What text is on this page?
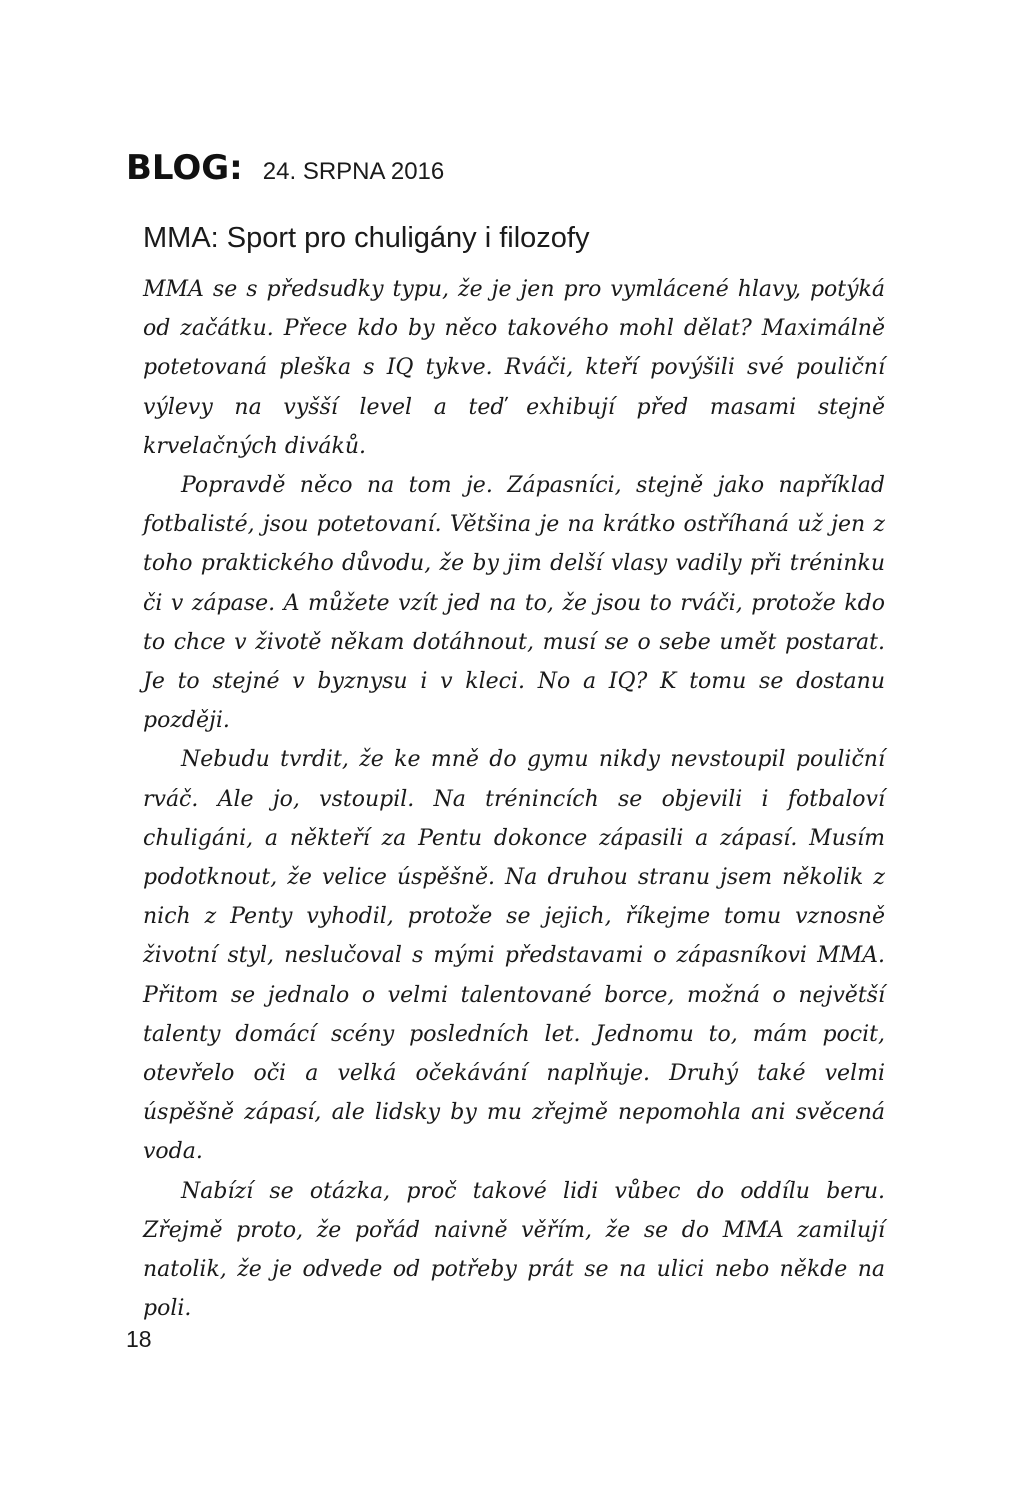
BLOG: 24. SRPNA 2016
MMA: Sport pro chuligány i filozofy

MMA se s předsudky typu, že je jen pro vymlácené hlavy, potýká od začátku. Přece kdo by něco takového mohl dělat? Maximálně potetovaná pleška s IQ tykve. Rváči, kteří povýšili své pouliční výlevy na vyšší level a teď exhibují před masami stejně krvelačných diváků.

Popravdě něco na tom je. Zápasníci, stejně jako například fotbalisté, jsou potetovaní. Většina je na krátko ostříhaná už jen z toho praktického důvodu, že by jim delší vlasy vadily při tréninku či v zápase. A můžete vzít jed na to, že jsou to rváči, protože kdo to chce v životě někam dotáhnout, musí se o sebe umět postarat. Je to stejné v byznysu i v kleci. No a IQ? K tomu se dostanu později.

Nebudu tvrdit, že ke mně do gymu nikdy nevstoupil pouliční rváč. Ale jo, vstoupil. Na trénincích se objevili i fotbaloví chuligáni, a někteří za Pentu dokonce zápasili a zápasí. Musím podotknout, že velice úspěšně. Na druhou stranu jsem několik z nich z Penty vyhodil, protože se jejich, říkejme tomu vznosně životní styl, neslučoval s mými představami o zápasníkovi MMA. Přitom se jednalo o velmi talentované borce, možná o největší talenty domácí scény posledních let. Jednomu to, mám pocit, otevřelo oči a velká očekávání naplňuje. Druhý také velmi úspěšně zápasí, ale lidsky by mu zřejmě nepomohla ani svěcená voda.

Nabízí se otázka, proč takové lidi vůbec do oddílu beru. Zřejmě proto, že pořád naivně věřím, že se do MMA zamilují natolik, že je odvede od potřeby prát se na ulici nebo někde na poli.

18
